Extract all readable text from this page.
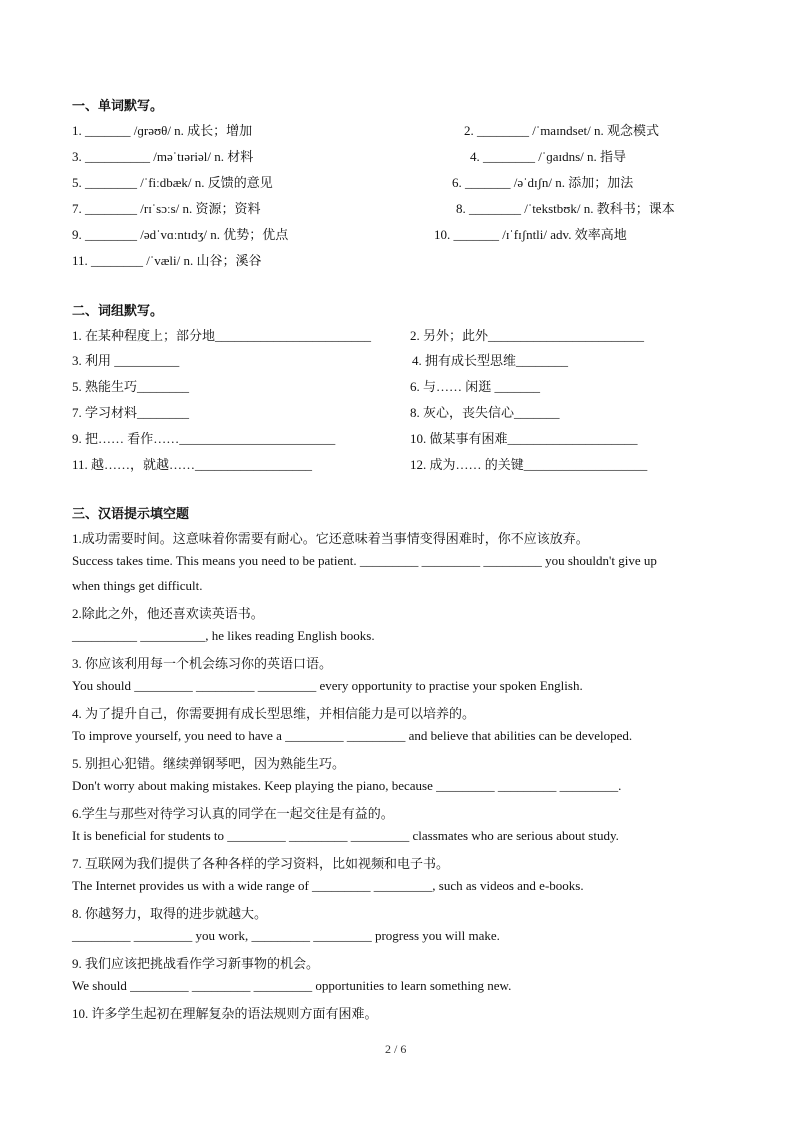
一、单词默写。
1. _______ /ɡrəʊθ/ n. 成长；增加	2. ________ /ˈmaɪndset/ n. 观念模式
3. __________ /məˈtɪəriəl/ n. 材料	4. ________ /ˈɡaɪdns/ n. 指导
5. ________ /ˈfiːdbæk/ n. 反馈的意见	6. _______ /əˈdɪʃn/ n. 添加；加法
7. ________ /rɪˈsɔːs/ n. 资源；资料	8. ________ /ˈtekstbʊk/ n. 教科书；课本
9. ________ /ədˈvɑːntɪdʒ/ n. 优势；优点	10. _______ /ɪˈfɪʃntli/ adv. 效率高地
11. ________ /ˈvæli/ n. 山谷；溪谷
二、词组默写。
1. 在某种程度上；部分地________________________	2. 另外；此外________________________
3. 利用 __________	4. 拥有成长型思维________
5. 熟能生巧________	6. 与…… 闲逛 _______
7. 学习材料________	8. 灰心，丧失信心_______
9. 把…… 看作……________________________	10. 做某事有困难____________________
11. 越……，就越……__________________	12. 成为…… 的关键___________________
三、汉语提示填空题
1.成功需要时间。这意味着你需要有耐心。它还意味着当事情变得困难时，你不应该放弃。
Success takes time. This means you need to be patient. _________ _________ _________ you shouldn't give up
when things get difficult.
2.除此之外，他还喜欢读英语书。
__________ __________, he likes reading English books.
3. 你应该利用每一个机会练习你的英语口语。
You should _________ _________ _________ every opportunity to practise your spoken English.
4. 为了提升自己，你需要拥有成长型思维，并相信能力是可以培养的。
To improve yourself, you need to have a _________ _________ and believe that abilities can be developed.
5. 别担心犯错。继续弹钢琴吧，因为熟能生巧。
Don't worry about making mistakes. Keep playing the piano, because _________ _________ _________.
6.学生与那些对待学习认真的同学在一起交往是有益的。
It is beneficial for students to _________ _________ _________ classmates who are serious about study.
7. 互联网为我们提供了各种各样的学习资料，比如视频和电子书。
The Internet provides us with a wide range of _________ _________, such as videos and e-books.
8. 你越努力，取得的进步就越大。
_________ _________ you work, _________ _________ progress you will make.
9. 我们应该把挑战看作学习新事物的机会。
We should _________ _________ _________ opportunities to learn something new.
10. 许多学生起初在理解复杂的语法规则方面有困难。
2 / 6
